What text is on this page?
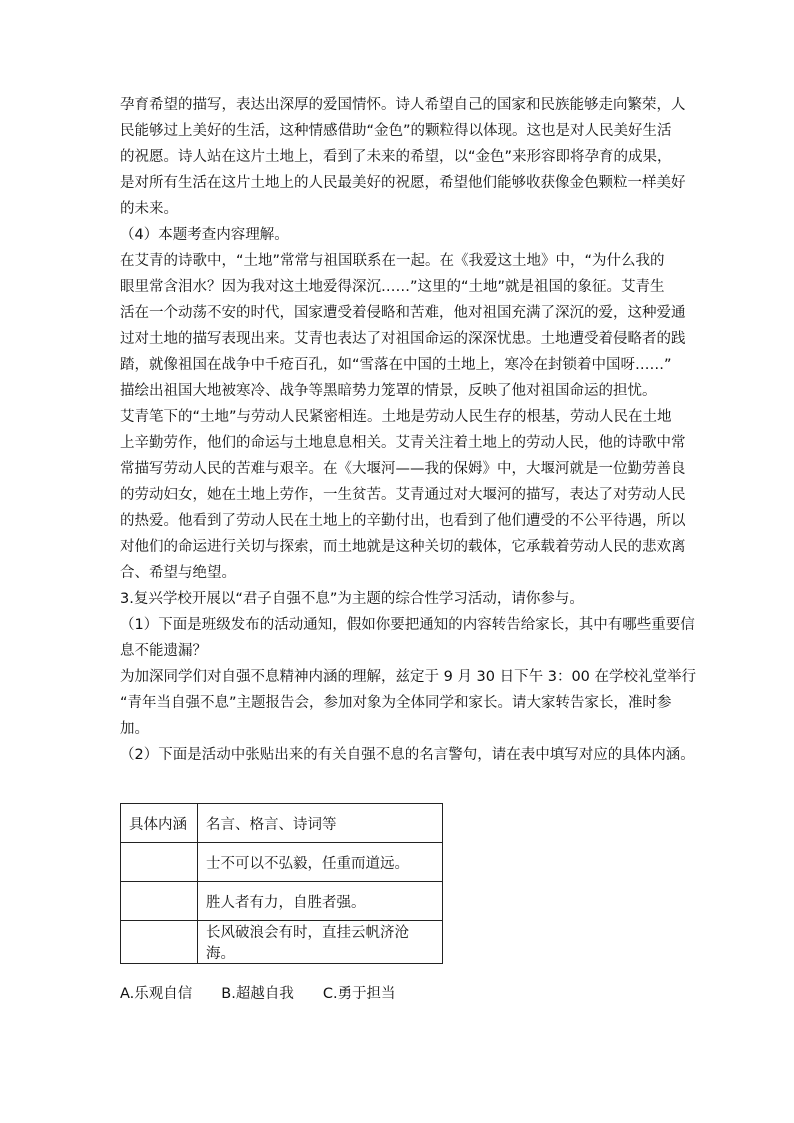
孕育希望的描写，表达出深厚的爱国情怀。诗人希望自己的国家和民族能够走向繁荣，人
民能够过上美好的生活，这种情感借助“金色”的颗粒得以体现。这也是对人民美好生活
的祝愿。诗人站在这片土地上，看到了未来的希望，以“金色”来形容即将孕育的成果，
是对所有生活在这片土地上的人民最美好的祝愿，希望他们能够收获像金色颗粒一样美好
的未来。
（4）本题考查内容理解。
在艾青的诗歌中，“土地”常常与祖国联系在一起。在《我爱这土地》中，“为什么我的
眼里常含泪水？因为我对这土地爱得深沉……”这里的“土地”就是祖国的象征。艾青生
活在一个动荡不安的时代，国家遭受着侵略和苦难，他对祖国充满了深沉的爱，这种爱通
过对土地的描写表现出来。艾青也表达了对祖国命运的深深忧患。土地遭受着侵略者的践
踏，就像祖国在战争中千疮百孔，如“雪落在中国的土地上，寒冷在封锁着中国呀……”
描绘出祖国大地被寒冷、战争等黑暗势力笼罩的情景，反映了他对祖国命运的担忧。
艾青笔下的“土地”与劳动人民紧密相连。土地是劳动人民生存的根基，劳动人民在土地
上辛勤劳作，他们的命运与土地息息相关。艾青关注着土地上的劳动人民，他的诗歌中常
常描写劳动人民的苦难与艰辛。在《大堰河——我的保姆》中，大堰河就是一位勤劳善良
的劳动妇女，她在土地上劳作，一生贫苦。艾青通过对大堰河的描写，表达了对劳动人民
的热爱。他看到了劳动人民在土地上的辛勤付出，也看到了他们遭受的不公平待遇，所以
对他们的命运进行关切与探索，而土地就是这种关切的载体，它承载着劳动人民的悲欢离
合、希望与绝望。
3.复兴学校开展以“君子自强不息”为主题的综合性学习活动，请你参与。
（1）下面是班级发布的活动通知，假如你要把通知的内容转告给家长，其中有哪些重要信
息不能遗漏？
为加深同学们对自强不息精神内涵的理解，兹定于 9 月 30 日下午 3：00 在学校礼堂举行
“青年当自强不息”主题报告会，参加对象为全体同学和家长。请大家转告家长，准时参
加。
（2）下面是活动中张贴出来的有关自强不息的名言警句，请在表中填写对应的具体内涵。
具体内涵	名言、格言、诗词等
	士不可以不弘毅，任重而道远。
	胜人者有力，自胜者强。
	长风破浪会有时，直挂云帆济沧海。
A.乐观自信　　B.超越自我　　C.勇于担当
